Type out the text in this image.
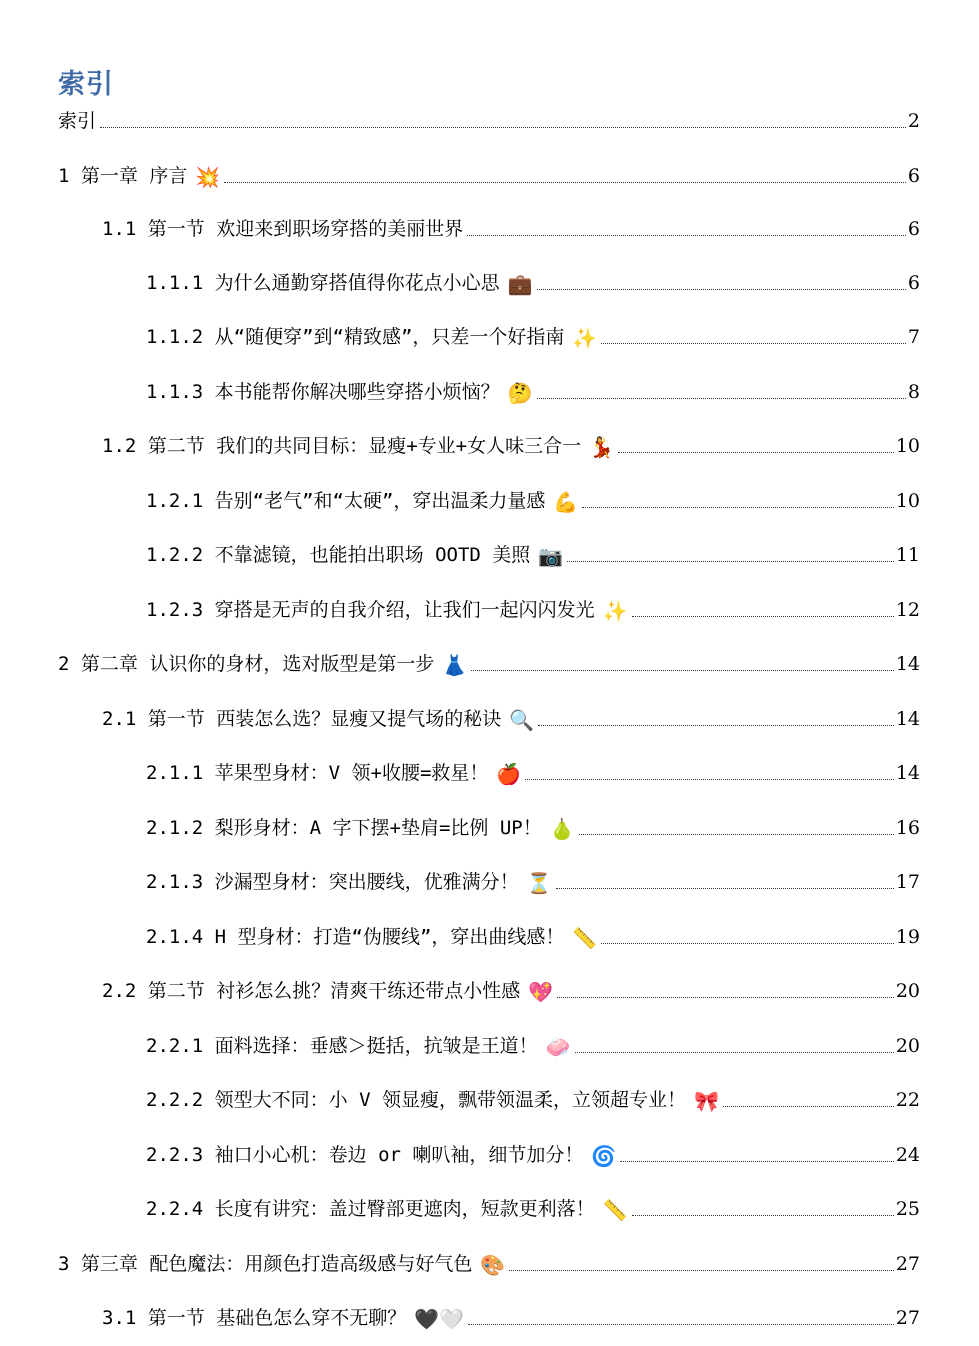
索引
索引	2
1 第一章 序言 💥	6
1.1 第一节 欢迎来到职场穿搭的美丽世界	6
1.1.1 为什么通勤穿搭值得你花点小心思 💼	6
1.1.2 从“随便穿”到“精致感”，只差一个好指南 ✨	7
1.1.3 本书能帮你解决哪些穿搭小烦恼？ 🤔	8
1.2 第二节 我们的共同目标：显瘦+专业+女人味三合一 💃	10
1.2.1 告别“老气”和“太硬”，穿出温柔力量感 💪	10
1.2.2 不靠滤镜，也能拍出职场 OOTD 美照 📷	11
1.2.3 穿搭是无声的自我介绍，让我们一起闪闪发光 ✨	12
2 第二章 认识你的身材，选对版型是第一步 👗	14
2.1 第一节 西装怎么选？显瘦又提气场的秘诀 🔍	14
2.1.1 苹果型身材：V 领+收腰=救星！ 🍎	14
2.1.2 梨形身材：A 字下摆+垫肩=比例 UP！ 🍐	16
2.1.3 沙漏型身材：突出腰线，优雅满分！ ⏳	17
2.1.4 H 型身材：打造“伪腰线”，穿出曲线感！ 📏	19
2.2 第二节 衬衫怎么挑？清爽干练还带点小性感 💖	20
2.2.1 面料选择：垂感＞挺括，抗皱是王道！ 🧼	20
2.2.2 领型大不同：小 V 领显瘦，飘带领温柔，立领超专业！ 🎀	22
2.2.3 袖口小心机：卷边 or 喇叭袖，细节加分！ 🌀	24
2.2.4 长度有讲究：盖过臀部更遮肉，短款更利落！ 📏	25
3 第三章 配色魔法：用颜色打造高级感与好气色 🎨	27
3.1 第一节 基础色怎么穿不无聊？ 🖤🤍	27
